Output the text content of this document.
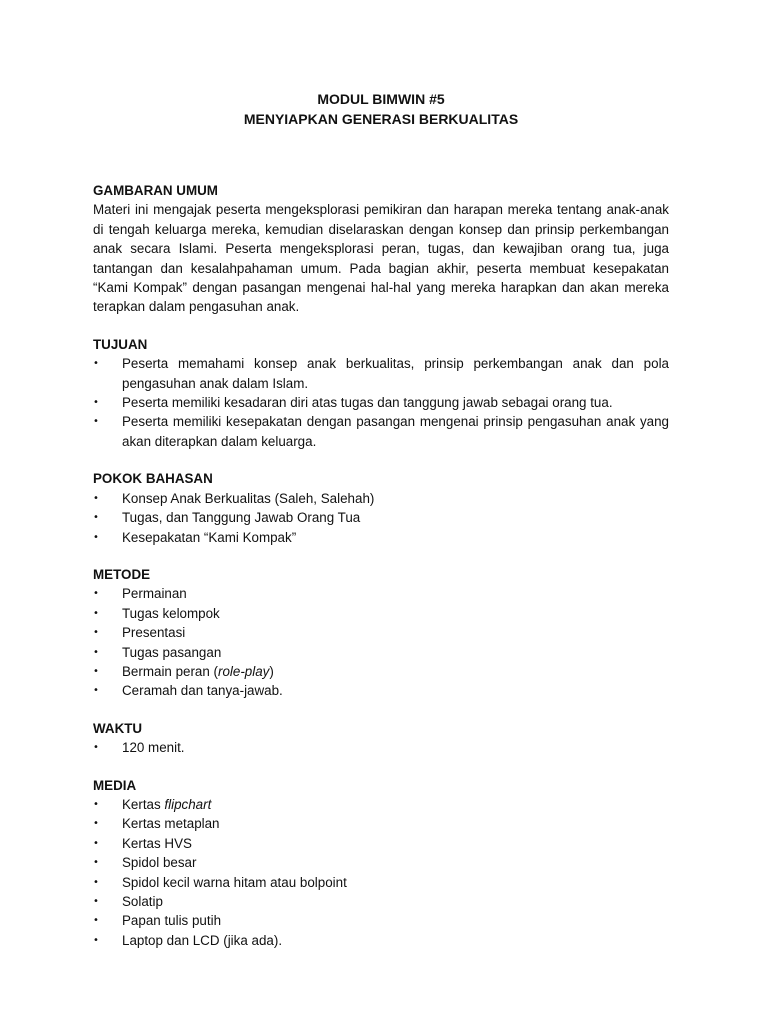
MODUL BIMWIN #5

MENYIAPKAN GENERASI BERKUALITAS

GAMBARAN UMUM

Materi ini mengajak peserta mengeksplorasi pemikiran dan harapan mereka tentang anak-anak di tengah keluarga mereka, kemudian diselaraskan dengan konsep dan prinsip perkembangan anak secara Islami. Peserta mengeksplorasi peran, tugas, dan kewajiban orang tua, juga tantangan dan kesalahpahaman umum. Pada bagian akhir, peserta membuat kesepakatan “Kami Kompak” dengan pasangan mengenai hal-hal yang mereka harapkan dan akan mereka terapkan dalam pengasuhan anak.

TUJUAN

•	Peserta memahami konsep anak berkualitas, prinsip perkembangan anak dan pola pengasuhan anak dalam Islam.
•	Peserta memiliki kesadaran diri atas tugas dan tanggung jawab sebagai orang tua.
•	Peserta memiliki kesepakatan dengan pasangan mengenai prinsip pengasuhan anak yang akan diterapkan dalam keluarga.

POKOK BAHASAN

•	Konsep Anak Berkualitas (Saleh, Salehah)
•	Tugas, dan Tanggung Jawab Orang Tua
•	Kesepakatan “Kami Kompak”

METODE

•	Permainan
•	Tugas kelompok
•	Presentasi
•	Tugas pasangan
•	Bermain peran (role-play)
•	Ceramah dan tanya-jawab.

WAKTU

•	120 menit.

MEDIA

•	Kertas flipchart
•	Kertas metaplan
•	Kertas HVS
•	Spidol besar
•	Spidol kecil warna hitam atau bolpoint
•	Solatip
•	Papan tulis putih
•	Laptop dan LCD (jika ada).
